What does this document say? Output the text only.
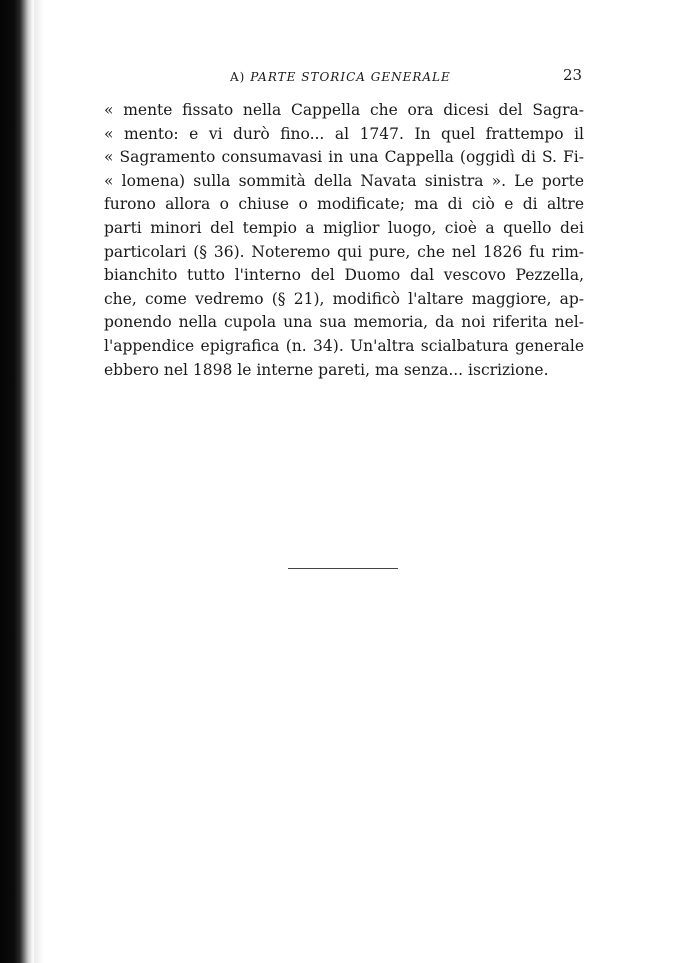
A) PARTE STORICA GENERALE	23
« mente fissato nella Cappella che ora dicesi del Sagra-
« mento: e vi durò fino... al 1747. In quel frattempo il
« Sagramento consumavasi in una Cappella (oggidì di S. Fi-
« lomena) sulla sommità della Navata sinistra ». Le porte
furono allora o chiuse o modificate; ma di ciò e di altre
parti minori del tempio a miglior luogo, cioè a quello dei
particolari (§ 36). Noteremo qui pure, che nel 1826 fu rim-
bianchito tutto l'interno del Duomo dal vescovo Pezzella,
che, come vedremo (§ 21), modificò l'altare maggiore, ap-
ponendo nella cupola una sua memoria, da noi riferita nel-
l'appendice epigrafica (n. 34). Un'altra scialbatura generale
ebbero nel 1898 le interne pareti, ma senza... iscrizione.
